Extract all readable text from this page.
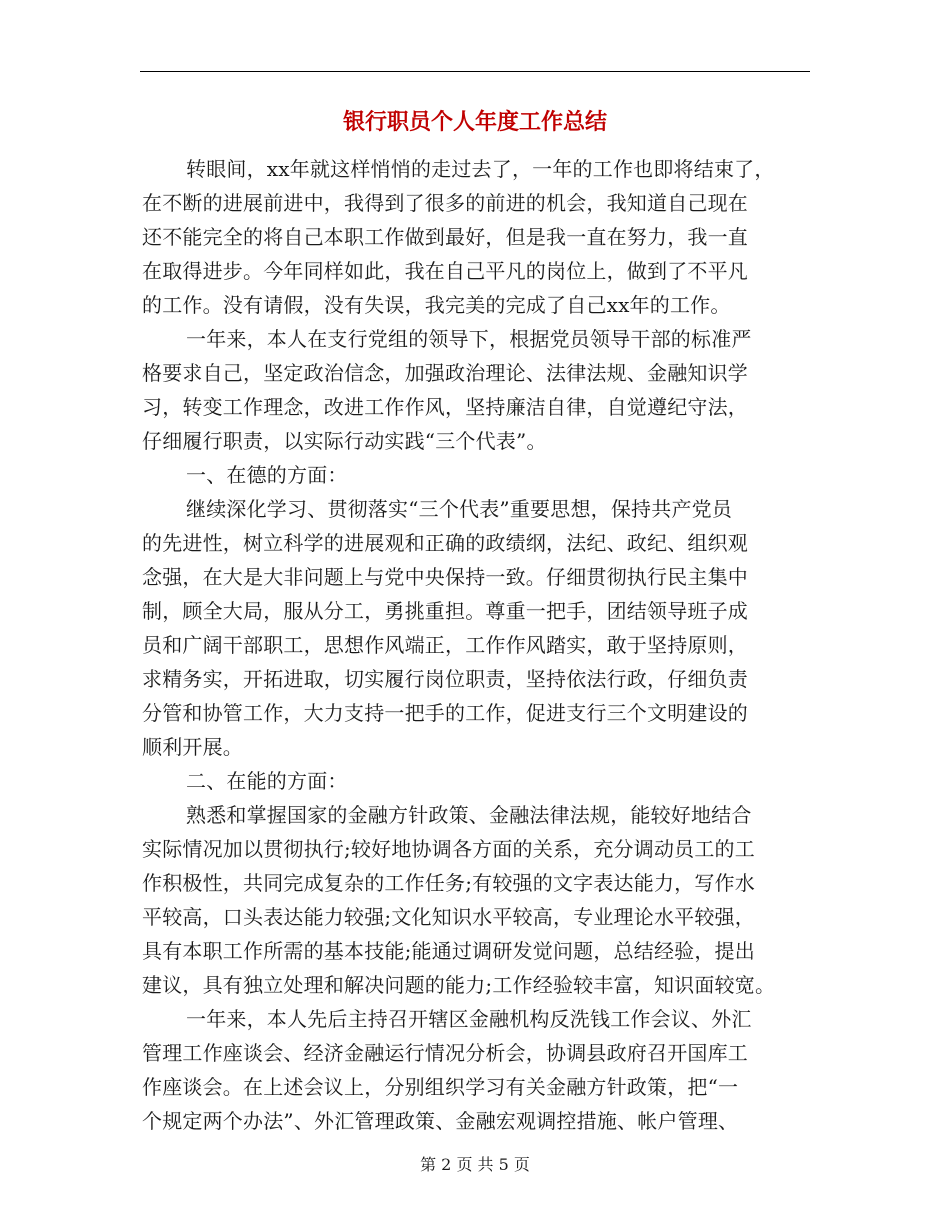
银行职员个人年度工作总结
转眼间，xx年就这样悄悄的走过去了，一年的工作也即将结束了，
在不断的进展前进中，我得到了很多的前进的机会，我知道自己现在
还不能完全的将自己本职工作做到最好，但是我一直在努力，我一直
在取得进步。今年同样如此，我在自己平凡的岗位上，做到了不平凡
的工作。没有请假，没有失误，我完美的完成了自己xx年的工作。
一年来，本人在支行党组的领导下，根据党员领导干部的标准严
格要求自己，坚定政治信念，加强政治理论、法律法规、金融知识学
习，转变工作理念，改进工作作风，坚持廉洁自律，自觉遵纪守法，
仔细履行职责，以实际行动实践“三个代表”。
一、在德的方面：
继续深化学习、贯彻落实“三个代表”重要思想，保持共产党员
的先进性，树立科学的进展观和正确的政绩纲，法纪、政纪、组织观
念强，在大是大非问题上与党中央保持一致。仔细贯彻执行民主集中
制，顾全大局，服从分工，勇挑重担。尊重一把手，团结领导班子成
员和广阔干部职工，思想作风端正，工作作风踏实，敢于坚持原则，
求精务实，开拓进取，切实履行岗位职责，坚持依法行政，仔细负责
分管和协管工作，大力支持一把手的工作，促进支行三个文明建设的
顺利开展。
二、在能的方面：
熟悉和掌握国家的金融方针政策、金融法律法规，能较好地结合
实际情况加以贯彻执行;较好地协调各方面的关系，充分调动员工的工
作积极性，共同完成复杂的工作任务;有较强的文字表达能力，写作水
平较高，口头表达能力较强;文化知识水平较高，专业理论水平较强，
具有本职工作所需的基本技能;能通过调研发觉问题，总结经验，提出
建议，具有独立处理和解决问题的能力;工作经验较丰富，知识面较宽。
一年来，本人先后主持召开辖区金融机构反洗钱工作会议、外汇
管理工作座谈会、经济金融运行情况分析会，协调县政府召开国库工
作座谈会。在上述会议上，分别组织学习有关金融方针政策，把“一
个规定两个办法”、外汇管理政策、金融宏观调控措施、帐户管理、
第 2 页 共 5 页
